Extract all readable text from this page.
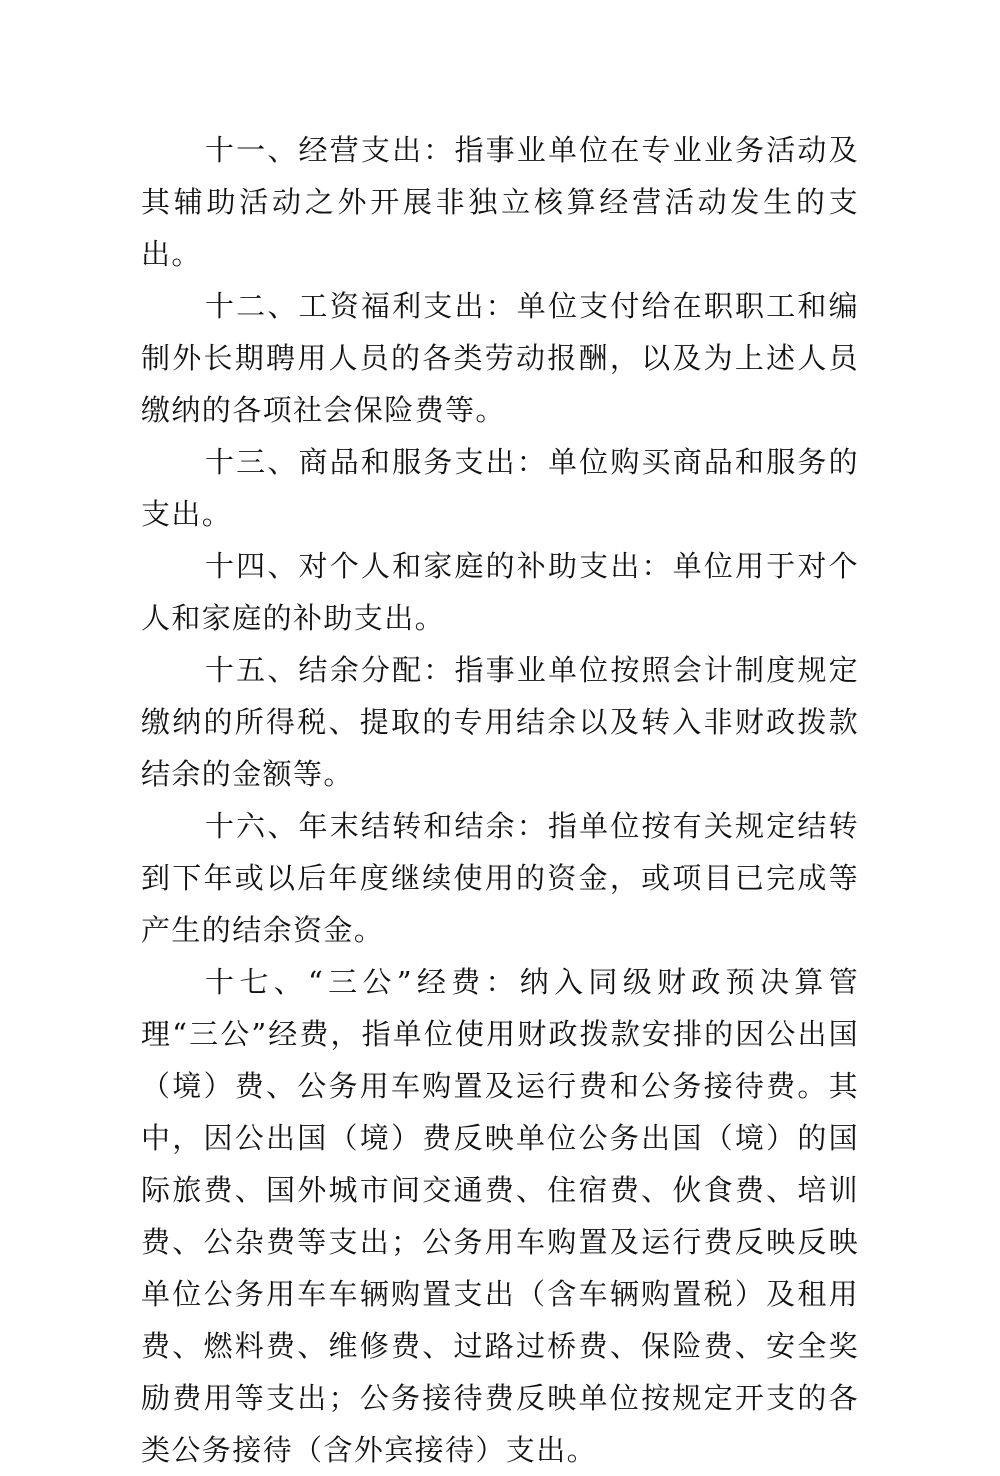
十一、经营支出：指事业单位在专业业务活动及其辅助活动之外开展非独立核算经营活动发生的支出。

十二、工资福利支出：单位支付给在职职工和编制外长期聘用人员的各类劳动报酬，以及为上述人员缴纳的各项社会保险费等。

十三、商品和服务支出：单位购买商品和服务的支出。

十四、对个人和家庭的补助支出：单位用于对个人和家庭的补助支出。

十五、结余分配：指事业单位按照会计制度规定缴纳的所得税、提取的专用结余以及转入非财政拨款结余的金额等。

十六、年末结转和结余：指单位按有关规定结转到下年或以后年度继续使用的资金，或项目已完成等产生的结余资金。

十七、“三公”经费：纳入同级财政预决算管理“三公”经费，指单位使用财政拨款安排的因公出国（境）费、公务用车购置及运行费和公务接待费。其中，因公出国（境）费反映单位公务出国（境）的国际旅费、国外城市间交通费、住宿费、伙食费、培训费、公杂费等支出；公务用车购置及运行费反映反映单位公务用车车辆购置支出（含车辆购置税）及租用费、燃料费、维修费、过路过桥费、保险费、安全奖励费用等支出；公务接待费反映单位按规定开支的各类公务接待（含外宾接待）支出。
